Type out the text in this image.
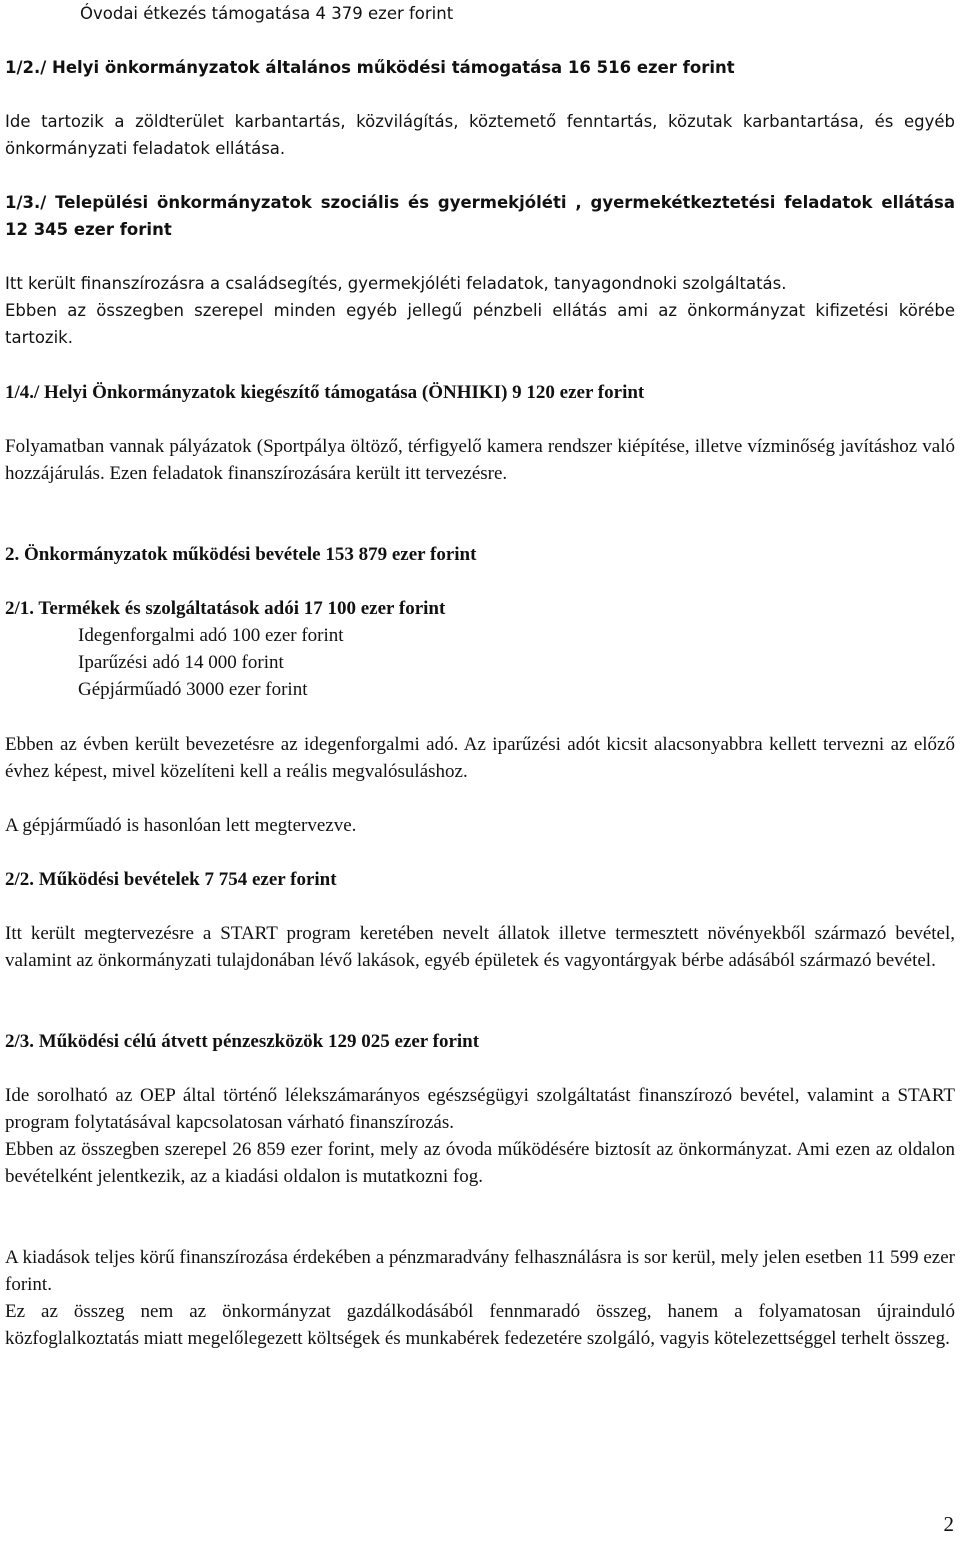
Óvodai étkezés támogatása 4 379 ezer forint

1/2./ Helyi önkormányzatok általános működési támogatása 16 516 ezer forint

Ide tartozik a zöldterület karbantartás, közvilágítás, köztemető fenntartás, közutak karbantartása, és egyéb önkormányzati feladatok ellátása.

1/3./ Települési önkormányzatok szociális és gyermekjóléti , gyermekétkeztetési feladatok ellátása 12 345 ezer forint

Itt került finanszírozásra a családsegítés, gyermekjóléti feladatok, tanyagondnoki szolgáltatás.

Ebben az összegben szerepel minden egyéb jellegű pénzbeli ellátás ami az önkormányzat kifizetési körébe tartozik.

1/4./ Helyi Önkormányzatok kiegészítő támogatása (ÖNHIKI) 9 120 ezer forint

Folyamatban vannak pályázatok (Sportpálya öltöző, térfigyelő kamera rendszer kiépítése, illetve vízminőség javításhoz való hozzájárulás. Ezen feladatok finanszírozására került itt tervezésre.

2. Önkormányzatok működési bevétele 153 879 ezer forint

2/1. Termékek és szolgáltatások adói 17 100 ezer forint

Idegenforgalmi adó 100 ezer forint
Iparűzési adó 14 000 forint
Gépjárműadó 3000 ezer forint

Ebben az évben került bevezetésre az idegenforgalmi adó. Az iparűzési adót kicsit alacsonyabbra kellett tervezni az előző évhez képest, mivel közelíteni kell a reális megvalósuláshoz.

A gépjárműadó is hasonlóan lett megtervezve.

2/2. Működési bevételek 7 754 ezer forint

Itt került megtervezésre a START program keretében nevelt állatok illetve termesztett növényekből származó bevétel, valamint az önkormányzati tulajdonában lévő lakások, egyéb épületek és vagyontárgyak bérbe adásából származó bevétel.

2/3. Működési célú átvett pénzeszközök 129 025 ezer forint

Ide sorolható az OEP által történő lélekszámarányos egészségügyi szolgáltatást finanszírozó bevétel, valamint a START program folytatásával kapcsolatosan várható finanszírozás.

Ebben az összegben szerepel 26 859 ezer forint, mely az óvoda működésére biztosít az önkormányzat. Ami ezen az oldalon bevételként jelentkezik, az a kiadási oldalon is mutatkozni fog.

A kiadások teljes körű finanszírozása érdekében a pénzmaradvány felhasználásra is sor kerül, mely jelen esetben 11 599 ezer forint.

Ez az összeg nem az önkormányzat gazdálkodásából fennmaradó összeg, hanem a folyamatosan újrainduló közfoglalkoztatás miatt megelőlegezett költségek és munkabérek fedezetére szolgáló, vagyis kötelezettséggel terhelt összeg.

2
